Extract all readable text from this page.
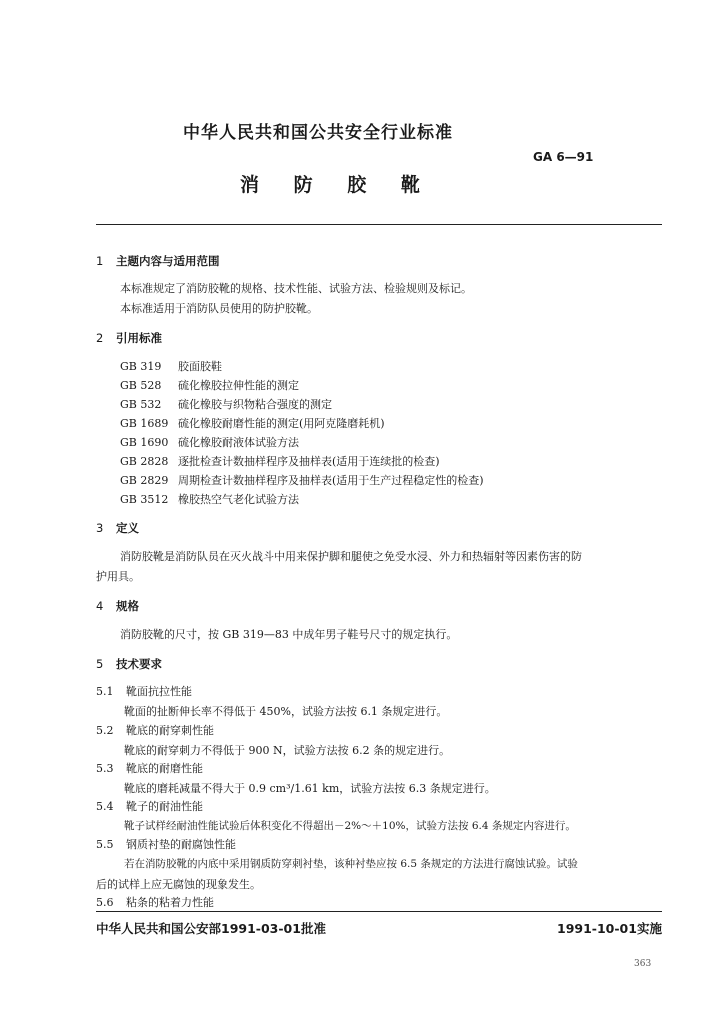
中华人民共和国公共安全行业标准
GA 6—91
消 防 胶 靴
1 主题内容与适用范围
本标准规定了消防胶靴的规格、技术性能、试验方法、检验规则及标记。
本标准适用于消防队员使用的防护胶靴。
2 引用标准
GB 319 胶面胶鞋
GB 528 硫化橡胶拉伸性能的测定
GB 532 硫化橡胶与织物粘合强度的测定
GB 1689 硫化橡胶耐磨性能的测定(用阿克隆磨耗机)
GB 1690 硫化橡胶耐液体试验方法
GB 2828 逐批检查计数抽样程序及抽样表(适用于连续批的检查)
GB 2829 周期检查计数抽样程序及抽样表(适用于生产过程稳定性的检查)
GB 3512 橡胶热空气老化试验方法
3 定义
消防胶靴是消防队员在灭火战斗中用来保护脚和腿使之免受水浸、外力和热辐射等因素伤害的防
护用具。
4 规格
消防胶靴的尺寸，按 GB 319—83 中成年男子鞋号尺寸的规定执行。
5 技术要求
5.1 靴面抗拉性能
靴面的扯断伸长率不得低于 450%，试验方法按 6.1 条规定进行。
5.2 靴底的耐穿刺性能
靴底的耐穿刺力不得低于 900 N，试验方法按 6.2 条的规定进行。
5.3 靴底的耐磨性能
靴底的磨耗减量不得大于 0.9 cm³/1.61 km，试验方法按 6.3 条规定进行。
5.4 靴子的耐油性能
靴子试样经耐油性能试验后体积变化不得超出－2%～＋10%，试验方法按 6.4 条规定内容进行。
5.5 钢质衬垫的耐腐蚀性能
若在消防胶靴的内底中采用钢质防穿刺衬垫，该种衬垫应按 6.5 条规定的方法进行腐蚀试验。试验
后的试样上应无腐蚀的现象发生。
5.6 粘条的粘着力性能
中华人民共和国公安部1991-03-01批准	1991-10-01实施
363
